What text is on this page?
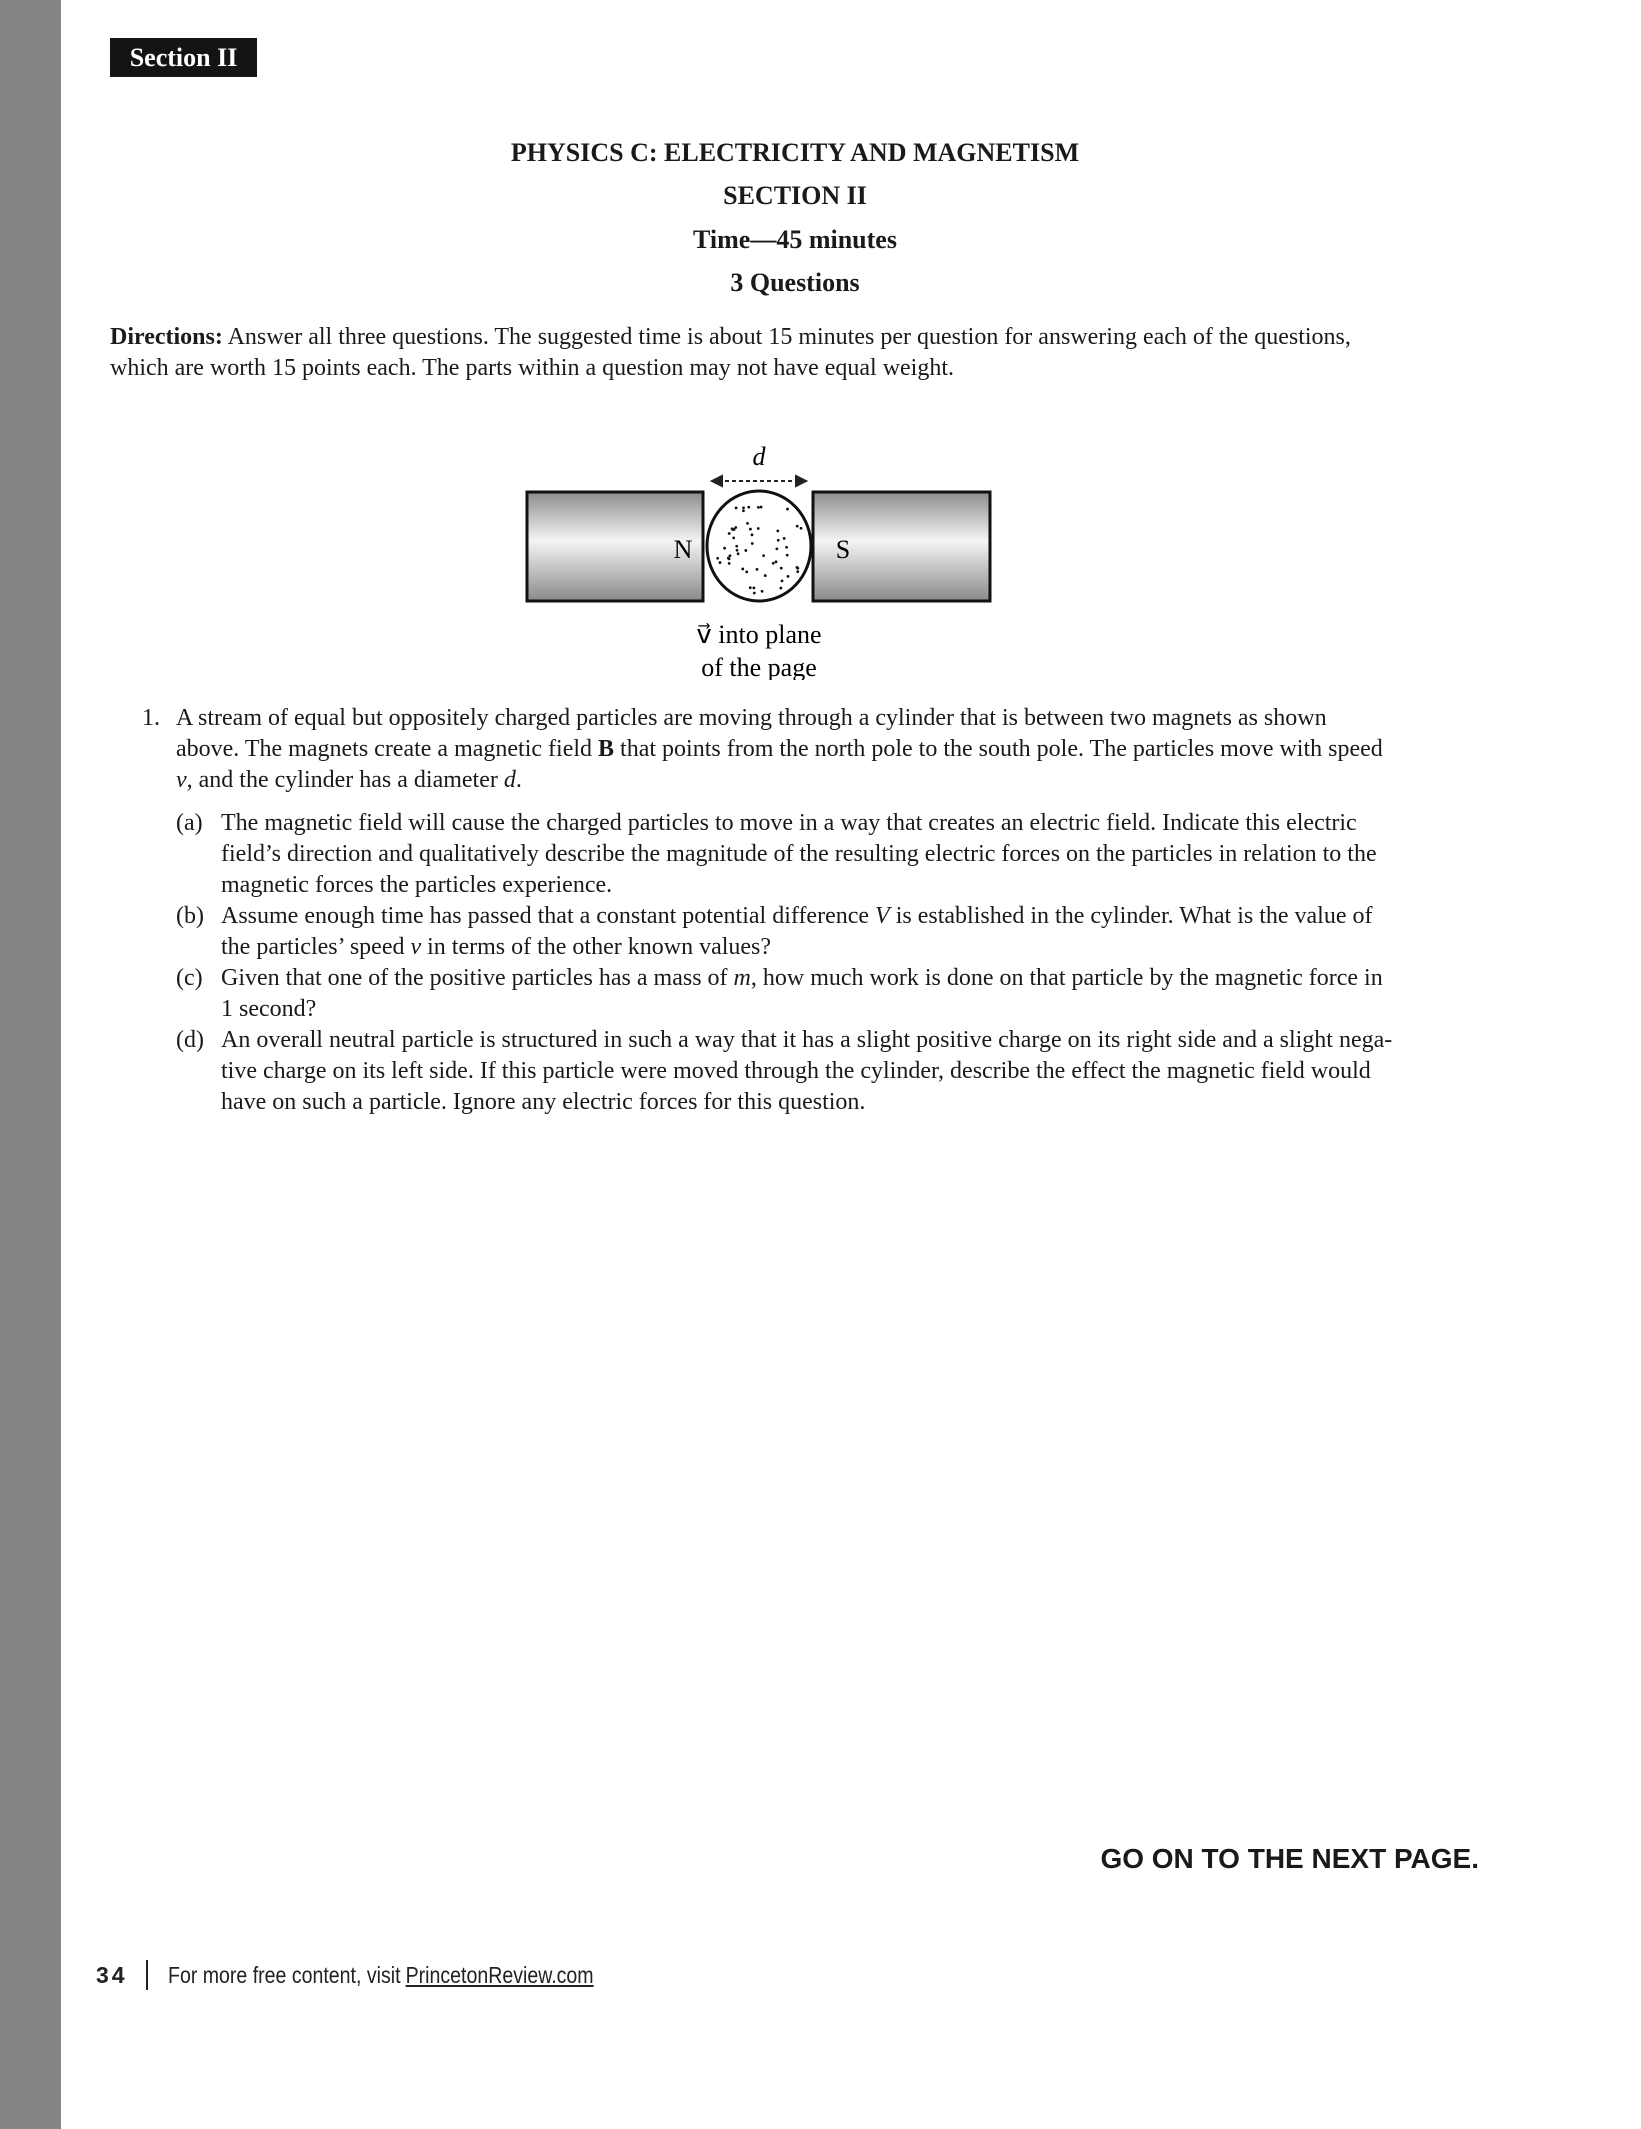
Section II
PHYSICS C: ELECTRICITY AND MAGNETISM
SECTION II
Time—45 minutes
3 Questions
Directions: Answer all three questions. The suggested time is about 15 minutes per question for answering each of the questions,
which are worth 15 points each. The parts within a question may not have equal weight.
d
N	S
v⃗ into plane
of the page
1. A stream of equal but oppositely charged particles are moving through a cylinder that is between two magnets as shown
above. The magnets create a magnetic field B that points from the north pole to the south pole. The particles move with speed
v, and the cylinder has a diameter d.
(a) The magnetic field will cause the charged particles to move in a way that creates an electric field. Indicate this electric
field’s direction and qualitatively describe the magnitude of the resulting electric forces on the particles in relation to the
magnetic forces the particles experience.
(b) Assume enough time has passed that a constant potential difference V is established in the cylinder. What is the value of
the particles’ speed v in terms of the other known values?
(c) Given that one of the positive particles has a mass of m, how much work is done on that particle by the magnetic force in
1 second?
(d) An overall neutral particle is structured in such a way that it has a slight positive charge on its right side and a slight nega-
tive charge on its left side. If this particle were moved through the cylinder, describe the effect the magnetic field would
have on such a particle. Ignore any electric forces for this question.
GO ON TO THE NEXT PAGE.
34 For more free content, visit PrincetonReview.com
